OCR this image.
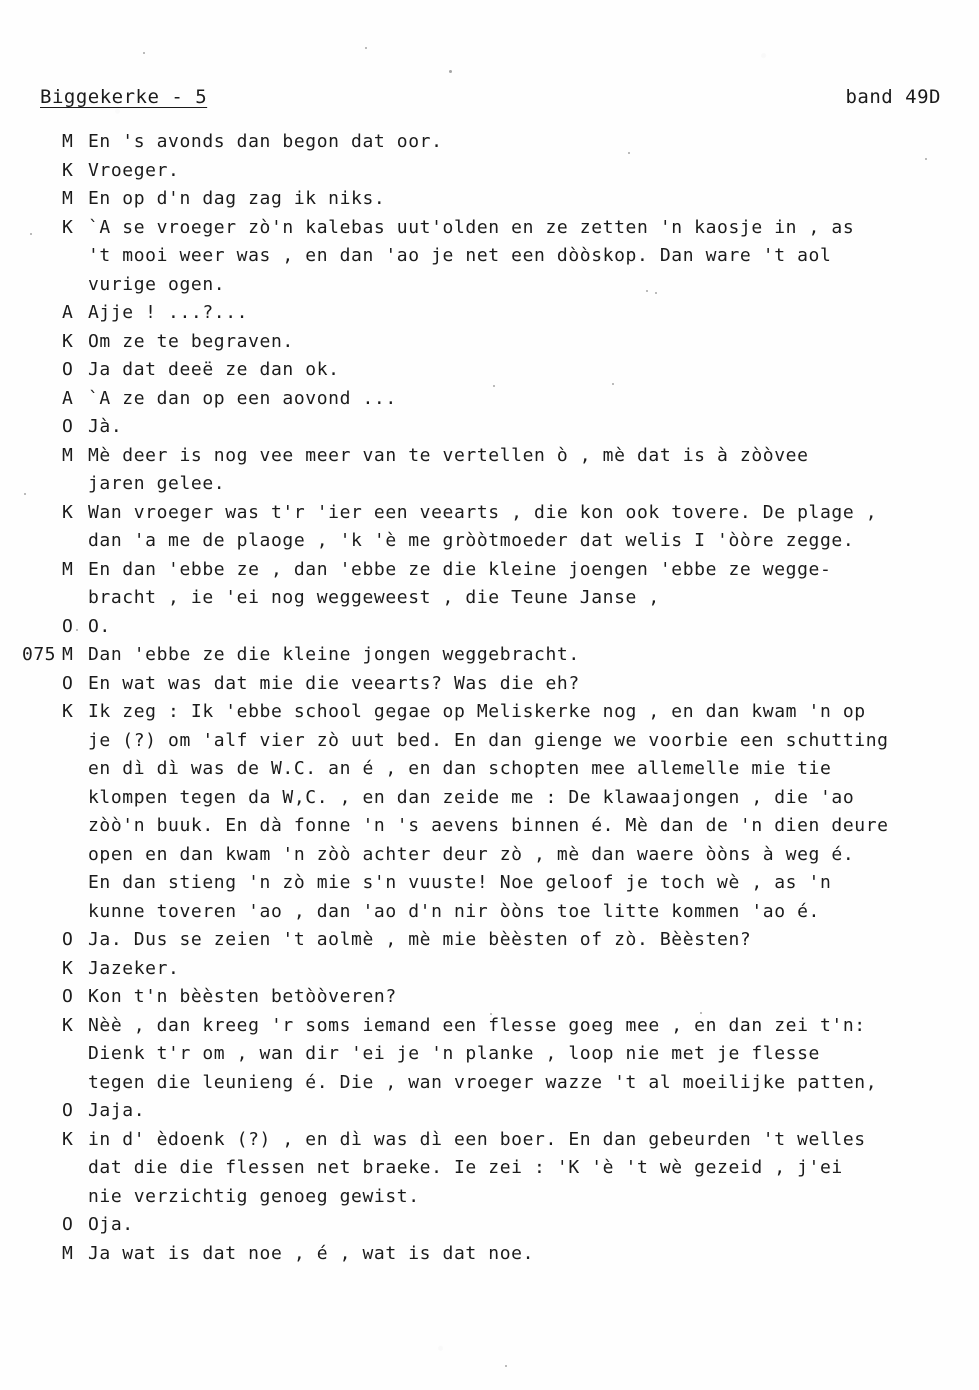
Biggekerke - 5	band 49D
M En 's avonds dan begon dat oor.
K Vroeger.
M En op d'n dag zag ik niks.
K `A se vroeger zò'n kalebas uut'olden en ze zetten 'n kaosje in , as
't mooi weer was , en dan 'ao je net een dòòskop. Dan ware 't aol
vurige ogen.
A Ajje ! ...?...
K Om ze te begraven.
O Ja dat deeë ze dan ok.
A `A ze dan op een aovond ...
O Jà.
M Mè deer is nog vee meer van te vertellen ò , mè dat is à zòòvee
jaren gelee.
K Wan vroeger was t'r 'ier een veearts , die kon ook tovere. De plage ,
dan 'a me de plaoge , 'k 'è me gròòtmoeder dat welis I 'òòre zegge.
M En dan 'ebbe ze , dan 'ebbe ze die kleine joengen 'ebbe ze wegge-
bracht , ie 'ei nog weggeweest , die Teune Janse ,
O O.
075 M Dan 'ebbe ze die kleine jongen weggebracht.
O En wat was dat mie die veearts? Was die eh?
K Ik zeg : Ik 'ebbe school gegae op Meliskerke nog , en dan kwam 'n op
je (?) om 'alf vier zò uut bed. En dan gienge we voorbie een schutting
en dì dì was de W.C. an é , en dan schopten mee allemelle mie tie
klompen tegen da W,C. , en dan zeide me : De klawaajongen , die 'ao
zòò'n buuk. En dà fonne 'n 's aevens binnen é. Mè dan de 'n dien deure
open en dan kwam 'n zòò achter deur zò , mè dan waere òòns à weg é.
En dan stieng 'n zò mie s'n vuuste! Noe geloof je toch wè , as 'n
kunne toveren 'ao , dan 'ao d'n nir òòns toe litte kommen 'ao é.
O Ja. Dus se zeien 't aolmè , mè mie bèèsten of zò. Bèèsten?
K Jazeker.
O Kon t'n bèèsten betòòveren?
K Nèè , dan kreeg 'r soms iemand een flesse goeg mee , en dan zei t'n:
Dienk t'r om , wan dir 'ei je 'n planke , loop nie met je flesse
tegen die leunieng é. Die , wan vroeger wazze 't al moeilijke patten,
O Jaja.
K in d' èdoenk (?) , en dì was dì een boer. En dan gebeurden 't welles
dat die die flessen net braeke. Ie zei : 'K 'è 't wè gezeid , j'ei
nie verzichtig genoeg gewist.
O Oja.
M Ja wat is dat noe , é , wat is dat noe.
